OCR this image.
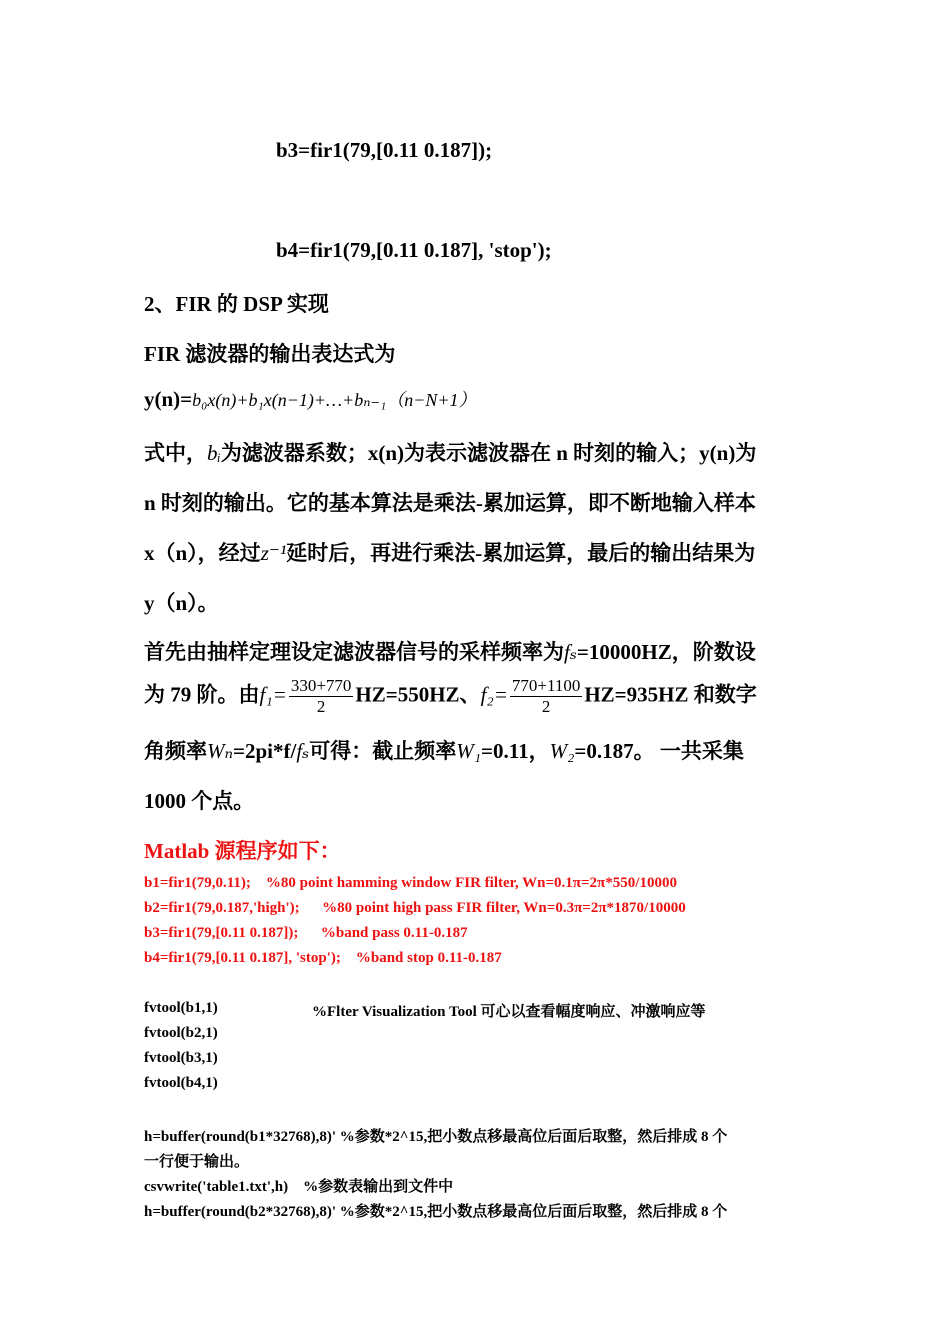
b3=fir1(79,[0.11 0.187]);
b4=fir1(79,[0.11 0.187], 'stop');
2、FIR 的 DSP 实现
FIR 滤波器的输出表达式为
y(n)=b₀x(n)+b₁x(n−1)+…+bₙ₋₁（n−N+1）
式中，bᵢ为滤波器系数；x(n)为表示滤波器在 n 时刻的输入；y(n)为
n 时刻的输出。它的基本算法是乘法-累加运算，即不断地输入样本
x（n），经过z⁻¹延时后，再进行乘法-累加运算，最后的输出结果为
y（n）。
首先由抽样定理设定滤波器信号的采样频率为fₛ=10000HZ，阶数设
为 79 阶。由$f_1= \frac{330+770}{2} HZ=550HZ$、$f_2= \frac{770+1100}{2} HZ=935HZ$ 和数字
角频率Wₙ=2pi*f/fₛ可得：截止频率W₁=0.11，W₂=0.187。 一共采集
1000 个点。
Matlab 源程序如下：
b1=fir1(79,0.11);    %80 point hamming window FIR filter, Wn=0.1π=2π*550/10000
b2=fir1(79,0.187,'high');      %80 point high pass FIR filter, Wn=0.3π=2π*1870/10000
b3=fir1(79,[0.11 0.187]);      %band pass 0.11-0.187
b4=fir1(79,[0.11 0.187], 'stop');    %band stop 0.11-0.187
fvtool(b1,1)	%Flter Visualization Tool 可心以查看幅度响应、冲激响应等
fvtool(b2,1)
fvtool(b3,1)
fvtool(b4,1)
h=buffer(round(b1*32768),8)' %参数*2^15,把小数点移最高位后面后取整，然后排成 8 个
一行便于输出。
csvwrite('table1.txt',h)    %参数表输出到文件中
h=buffer(round(b2*32768),8)' %参数*2^15,把小数点移最高位后面后取整，然后排成 8 个
